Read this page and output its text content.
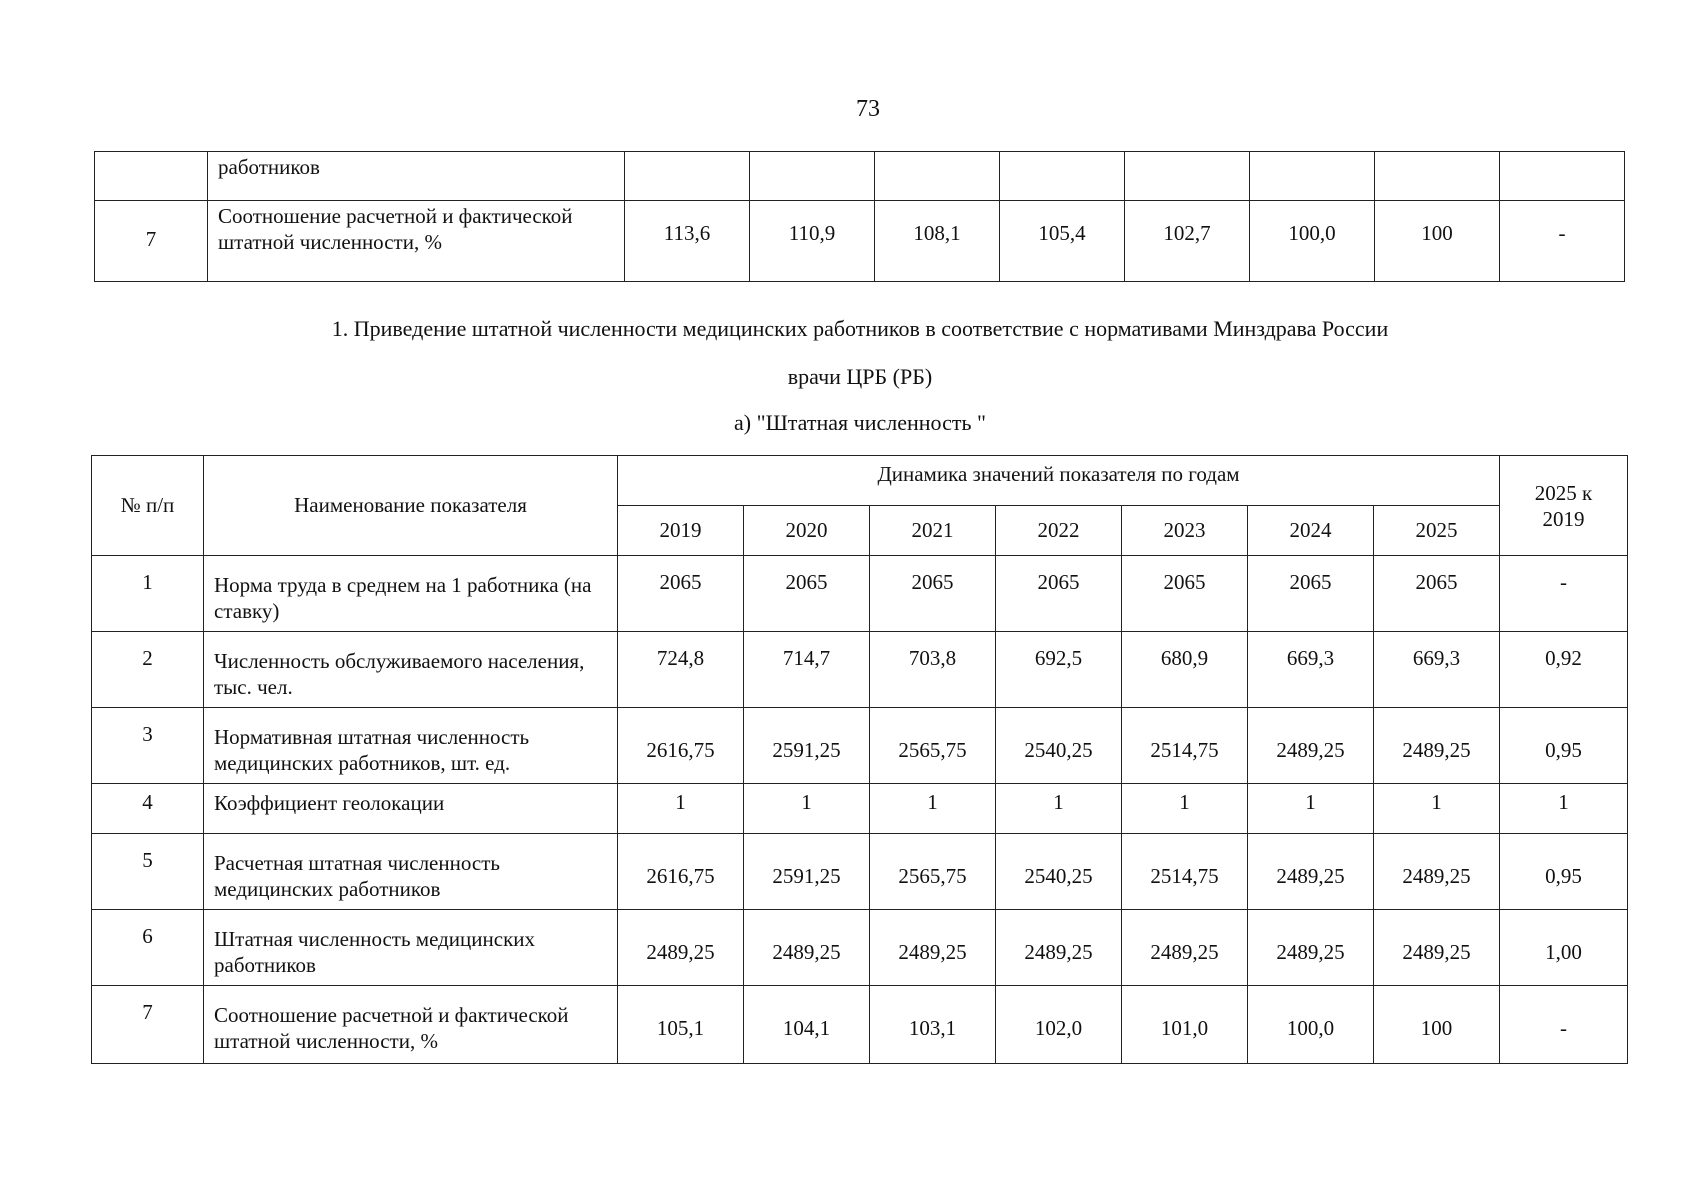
73
	работников								
7	Соотношение расчетной и фактической штатной численности, %	113,6	110,9	108,1	105,4	102,7	100,0	100	-
1. Приведение штатной численности медицинских работников в соответствие с нормативами Минздрава России
врачи ЦРБ (РБ)
а) "Штатная численность "
№ п/п	Наименование показателя	Динамика значений показателя по годам							2025 к 2019
		2019	2020	2021	2022	2023	2024	2025	
1	Норма труда в среднем на 1 работника (на ставку)	2065	2065	2065	2065	2065	2065	2065	-
2	Численность обслуживаемого населения, тыс. чел.	724,8	714,7	703,8	692,5	680,9	669,3	669,3	0,92
3	Нормативная штатная численность медицинских работников, шт. ед.	2616,75	2591,25	2565,75	2540,25	2514,75	2489,25	2489,25	0,95
4	Коэффициент геолокации	1	1	1	1	1	1	1	1
5	Расчетная штатная численность медицинских работников	2616,75	2591,25	2565,75	2540,25	2514,75	2489,25	2489,25	0,95
6	Штатная численность медицинских работников	2489,25	2489,25	2489,25	2489,25	2489,25	2489,25	2489,25	1,00
7	Соотношение расчетной и фактической штатной численности, %	105,1	104,1	103,1	102,0	101,0	100,0	100	-
